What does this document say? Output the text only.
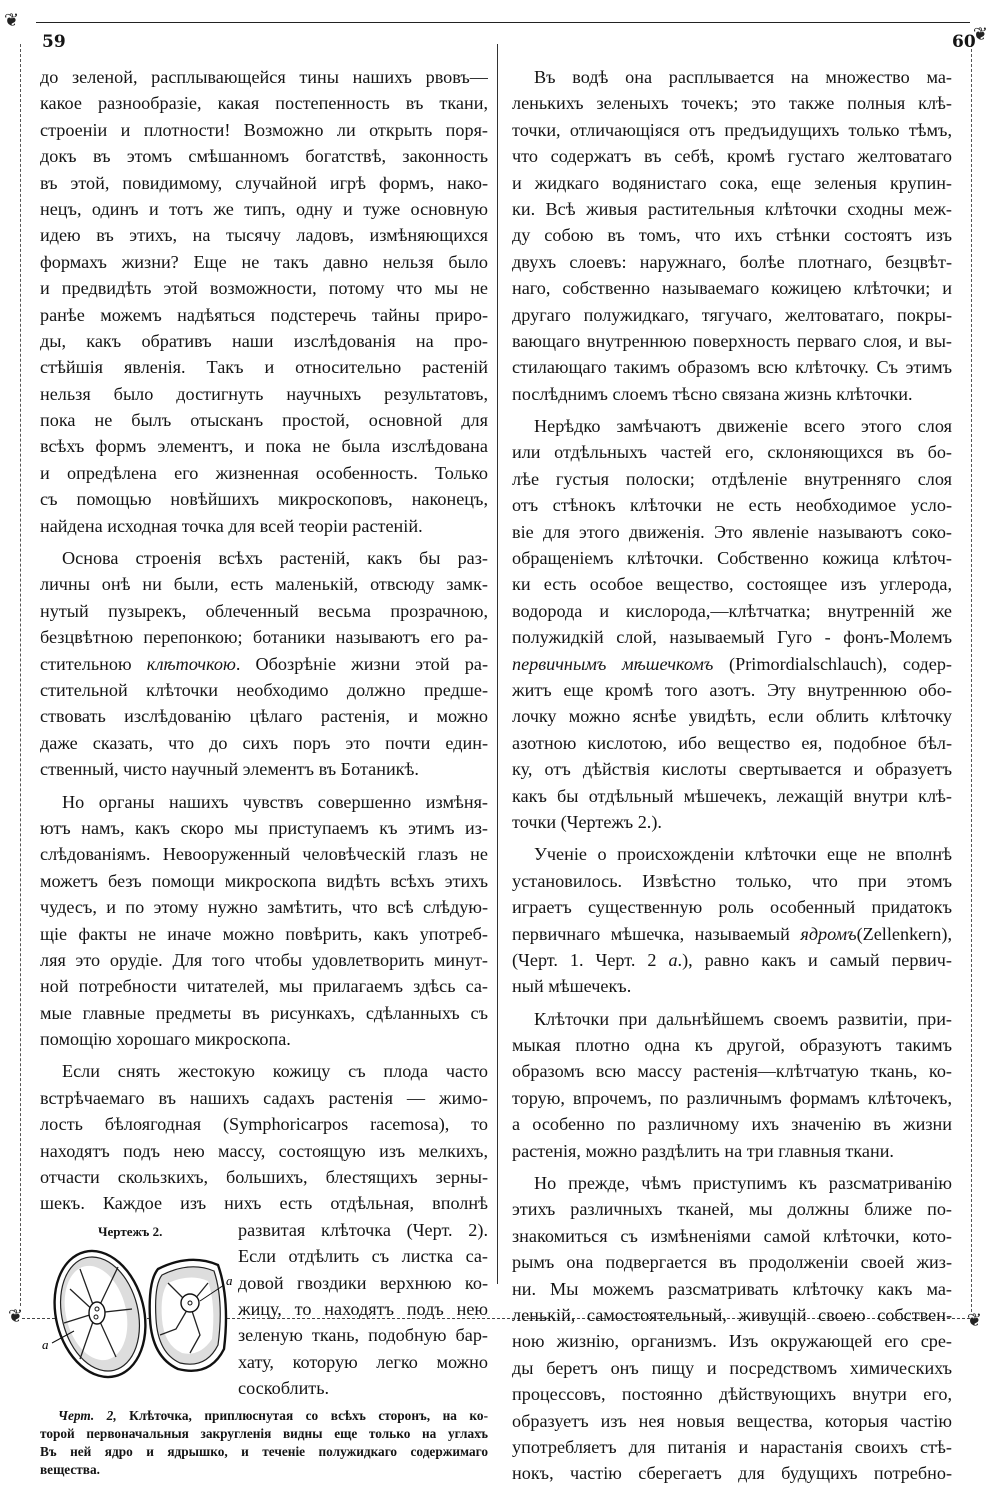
❦
❦
❦	❦
59	60
до зеленой, расплывающейся тины нашихъ рвовъ—
какое разнообразіе, какая постепенность въ ткани,
строеніи и плотности! Возможно ли открыть поря-
докъ въ этомъ смѣшанномъ богатствѣ, законность
въ этой, повидимому, случайной игрѣ формъ, нако-
нецъ, одинъ и тотъ же типъ, одну и туже основную
идею въ этихъ, на тысячу ладовъ, измѣняющихся
формахъ жизни? Еще не такъ давно нельзя было
и предвидѣть этой возможности, потому что мы не
ранѣе можемъ надѣяться подстеречь тайны приро-
ды, какъ обративъ наши изслѣдованія на про-
стѣйшія явленія. Такъ и относительно растеній
нельзя было достигнуть научныхъ результатовъ,
пока не былъ отысканъ простой, основной для
всѣхъ формъ элементъ, и пока не была изслѣдована
и опредѣлена его жизненная особенность. Только
съ помощью новѣйшихъ микроскоповъ, наконецъ,
найдена исходная точка для всей теоріи растеній.
Основа строенія всѣхъ растеній, какъ бы раз-
личны онѣ ни были, есть маленькій, отвсюду замк-
нутый пузырекъ, облеченный весьма прозрачною,
безцвѣтною перепонкою; ботаники называютъ его ра-
стительною клѣточкою. Обозрѣніе жизни этой ра-
стительной клѣточки необходимо должно предше-
ствовать изслѣдованію цѣлаго растенія, и можно
даже сказать, что до сихъ поръ это почти един-
ственный, чисто научный элементъ въ Ботаникѣ.
Но органы нашихъ чувствъ совершенно измѣня-
ютъ намъ, какъ скоро мы приступаемъ къ этимъ из-
слѣдованіямъ. Невооруженный человѣческій глазъ не
можетъ безъ помощи микроскопа видѣть всѣхъ этихъ
чудесъ, и по этому нужно замѣтить, что всѣ слѣдую-
щіе факты не иначе можно повѣрить, какъ употреб-
ляя это орудіе. Для того чтобы удовлетворить минут-
ной потребности читателей, мы прилагаемъ здѣсь са-
мые главные предметы въ рисункахъ, сдѣланныхъ съ
помощію хорошаго микроскопа.
Если снять жестокую кожицу съ плода часто
встрѣчаемаго въ нашихъ садахъ растенія — жимо-
лость бѣлоягодная (Symphoricarpos racemosa), то
находятъ подъ нею массу, состоящую изъ мелкихъ,
отчасти скользкихъ, большихъ, блестящихъ зерны-
шекъ. Каждое изъ нихъ есть отдѣльная, вполнѣ
Чертежъ 2.
a
a
развитая клѣточка (Черт. 2).
Если отдѣлить съ листка са-
довой гвоздики верхнюю ко-
жицу, то находятъ подъ нею
зеленую ткань, подобную бар-
хату, которую легко можно
соскоблить.
Черт. 2, Клѣточка, приплюснутая со всѣхъ сторонъ, на ко-
торой первоначальныя закругленія видны еще только на углахъ
Въ ней ядро и ядрышко, и теченіе полужидкаго содержимаго
вещества.
Въ водѣ она расплывается на множество ма-
ленькихъ зеленыхъ точекъ; это также полныя клѣ-
точки, отличающіяся отъ предъидущихъ только тѣмъ,
что содержатъ въ себѣ, кромѣ густаго желтоватаго
и жидкаго водянистаго сока, еще зеленыя крупин-
ки. Всѣ живыя растительныя клѣточки сходны меж-
ду собою въ томъ, что ихъ стѣнки состоятъ изъ
двухъ слоевъ: наружнаго, болѣе плотнаго, безцвѣт-
наго, собственно называемаго кожицею клѣточки; и
другаго полужидкаго, тягучаго, желтоватаго, покры-
вающаго внутреннюю поверхность перваго слоя, и вы-
стилающаго такимъ образомъ всю клѣточку. Съ этимъ
послѣднимъ слоемъ тѣсно связана жизнь клѣточки.
Нерѣдко замѣчаютъ движеніе всего этого слоя
или отдѣльныхъ частей его, склоняющихся въ бо-
лѣе густыя полоски; отдѣленіе внутренняго слоя
отъ стѣнокъ клѣточки не есть необходимое усло-
віе для этого движенія. Это явленіе называютъ соко-
обращеніемъ клѣточки. Собственно кожица клѣточ-
ки есть особое вещество, состоящее изъ углерода,
водорода и кислорода,—клѣтчатка; внутренній же
полужидкій слой, называемый Гуго - фонъ-Молемъ
первичнымъ мѣшечкомъ (Primordialschlauch), содер-
житъ еще кромѣ того азотъ. Эту внутреннюю обо-
лочку можно яснѣе увидѣть, если облить клѣточку
азотною кислотою, ибо вещество ея, подобное бѣл-
ку, отъ дѣйствія кислоты свертывается и образуетъ
какъ бы отдѣльный мѣшечекъ, лежащій внутри клѣ-
точки (Чертежъ 2.).
Ученіе о происхожденіи клѣточки еще не вполнѣ
установилось. Извѣстно только, что при этомъ
играетъ существенную роль особенный придатокъ
первичнаго мѣшечка, называемый ядромъ(Zellenkern),
(Черт. 1. Черт. 2 a.), равно какъ и самый первич-
ный мѣшечекъ.
Клѣточки при дальнѣйшемъ своемъ развитіи, при-
мыкая плотно одна къ другой, образуютъ такимъ
образомъ всю массу растенія—клѣтчатую ткань, ко-
торую, впрочемъ, по различнымъ формамъ клѣточекъ,
а особенно по различному ихъ значенію въ жизни
растенія, можно раздѣлить на три главныя ткани.
Но прежде, чѣмъ приступимъ къ разсматриванію
этихъ различныхъ тканей, мы должны ближе по-
знакомиться съ измѣненіями самой клѣточки, кото-
рымъ она подвергается въ продолженіи своей жиз-
ни. Мы можемъ разсматривать клѣточку какъ ма-
ленькій, самостоятельный, живущій своею собствен-
ною жизнію, организмъ. Изъ окружающей его сре-
ды беретъ онъ пищу и посредствомъ химическихъ
процессовъ, постоянно дѣйствующихъ внутри его,
образуетъ изъ нея новыя вещества, которыя частію
употребляетъ для питанія и нарастанія своихъ стѣ-
нокъ, частію сберегаетъ для будущихъ потребно-
